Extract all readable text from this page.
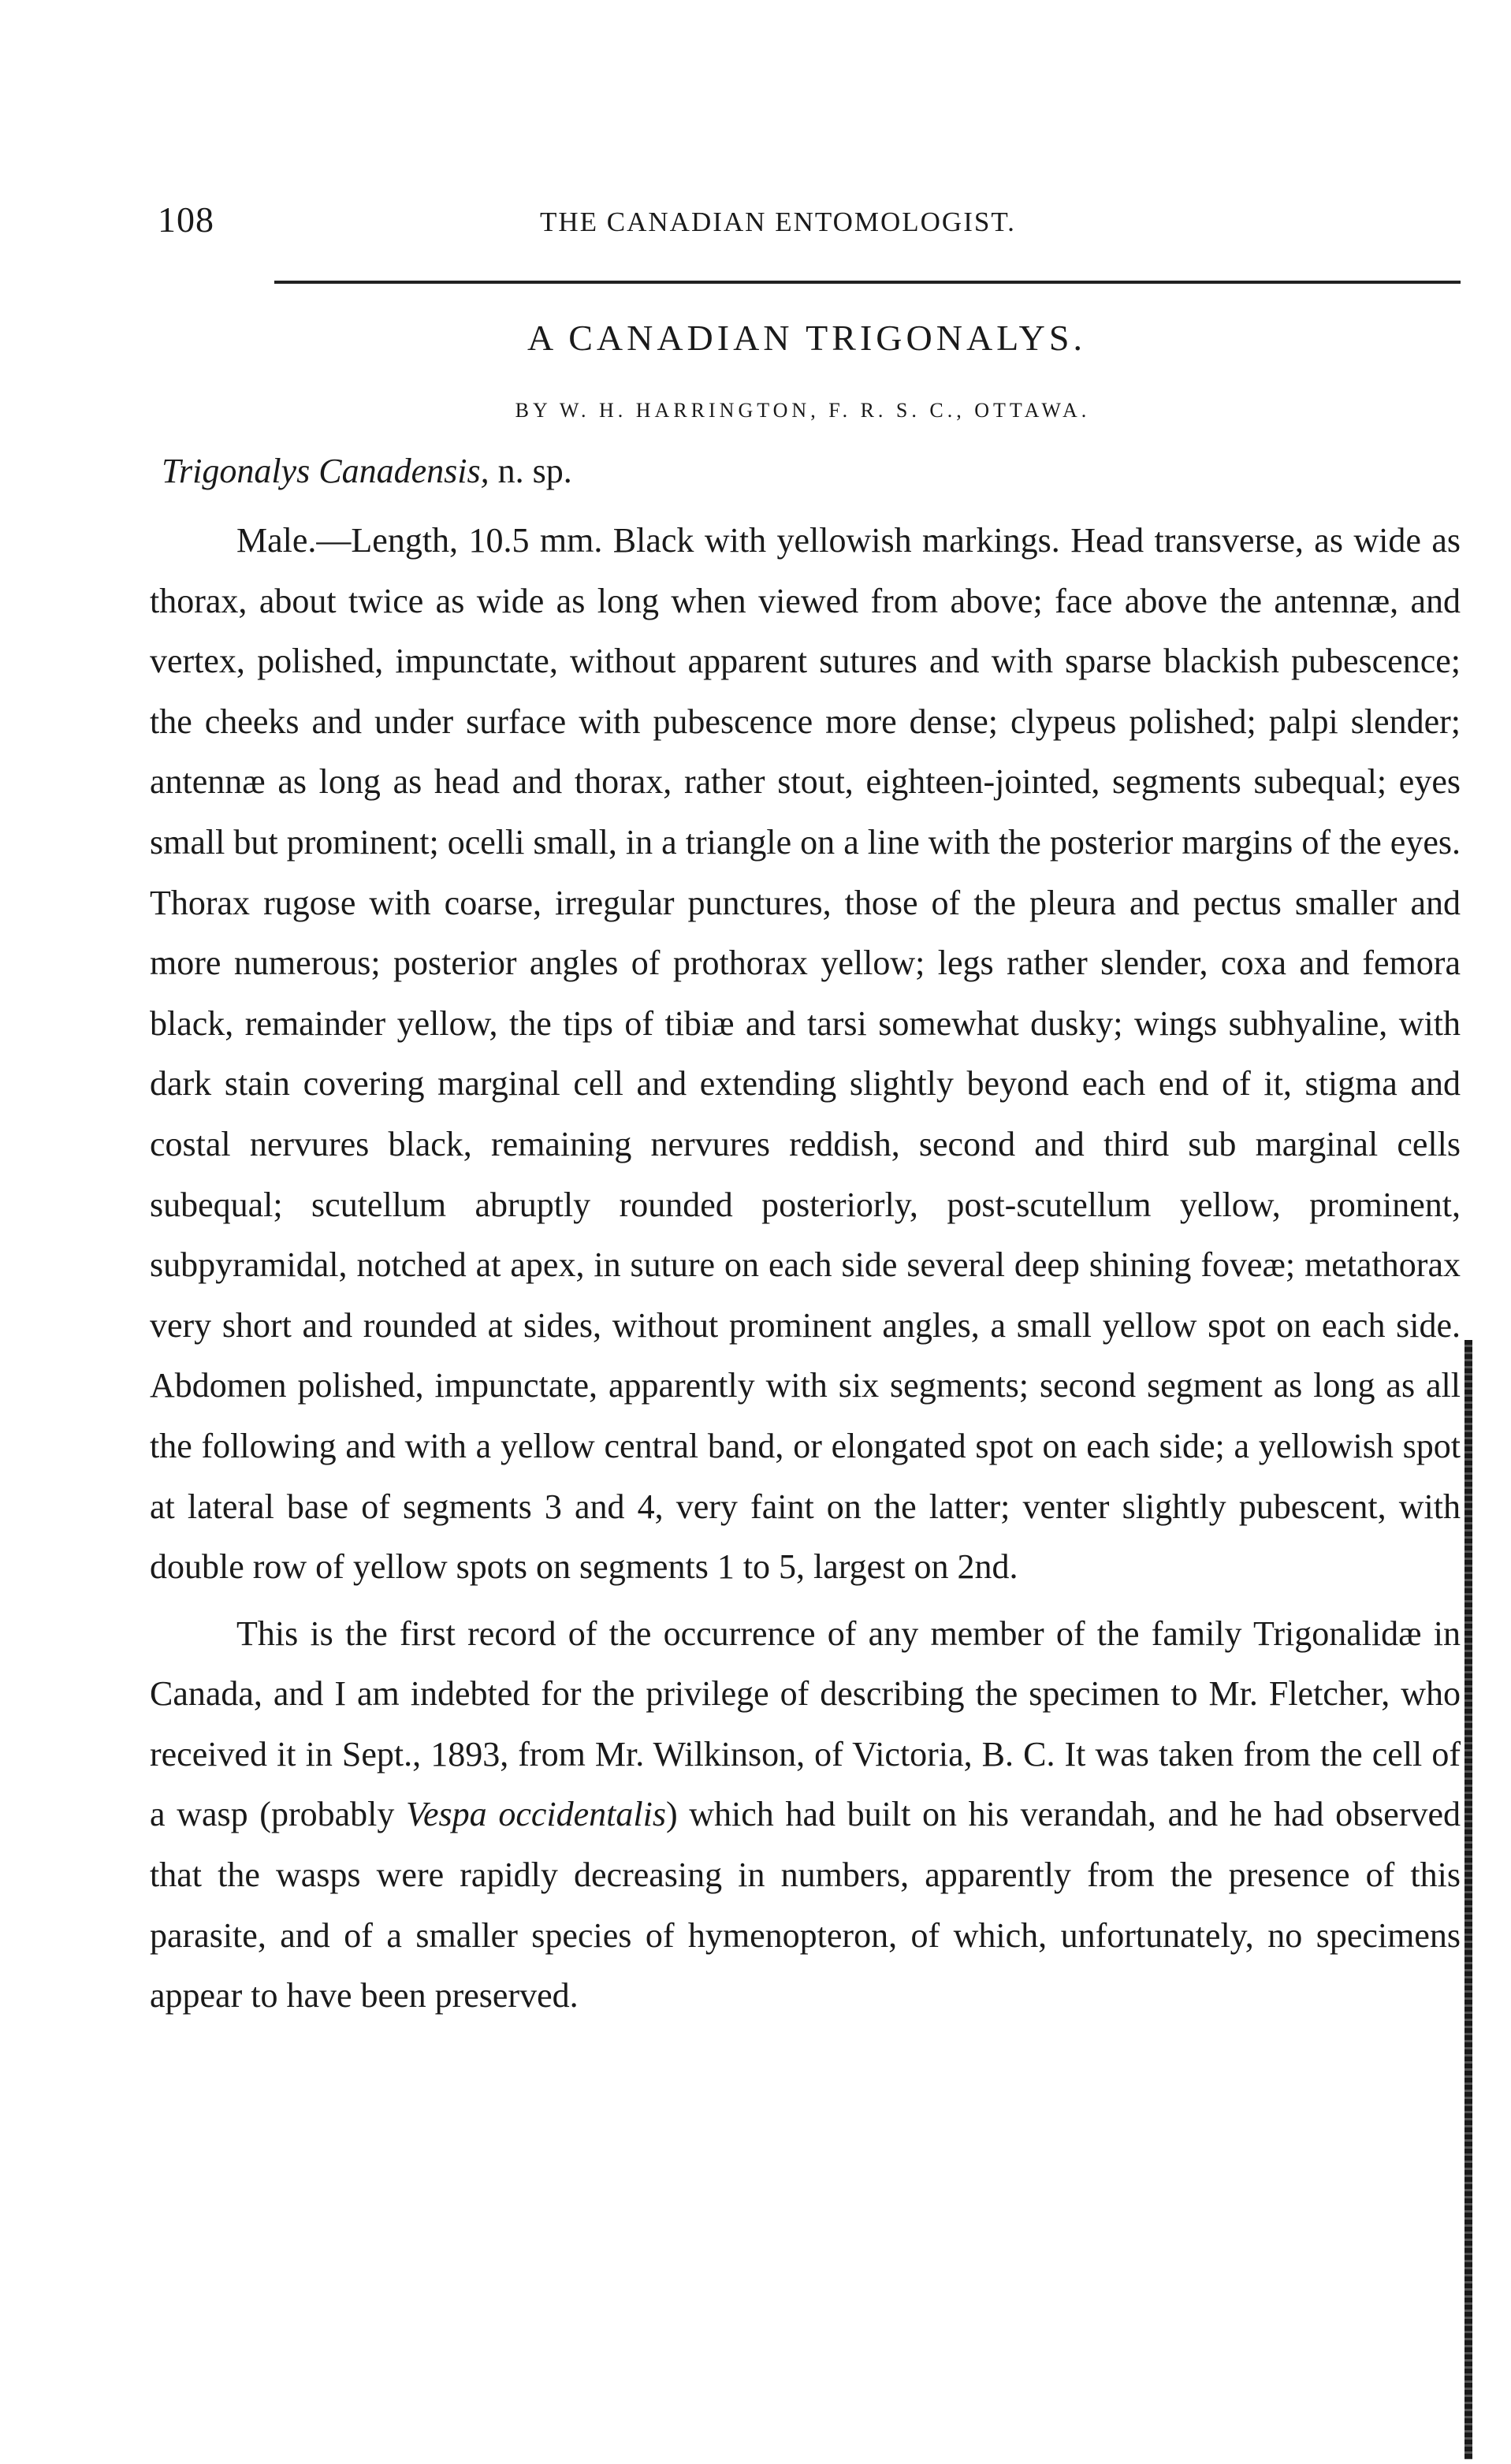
108	THE CANADIAN ENTOMOLOGIST.
A CANADIAN TRIGONALYS.
BY W. H. HARRINGTON, F. R. S. C., OTTAWA.
Trigonalys Canadensis, n. sp.

Male.—Length, 10.5 mm. Black with yellowish markings. Head transverse, as wide as thorax, about twice as wide as long when viewed from above; face above the antennæ, and vertex, polished, impunctate, without apparent sutures and with sparse blackish pubescence; the cheeks and under surface with pubescence more dense; clypeus polished; palpi slender; antennæ as long as head and thorax, rather stout, eighteen-jointed, segments subequal; eyes small but prominent; ocelli small, in a triangle on a line with the posterior margins of the eyes. Thorax rugose with coarse, irregular punctures, those of the pleura and pectus smaller and more numerous; posterior angles of prothorax yellow; legs rather slender, coxa and femora black, remainder yellow, the tips of tibiæ and tarsi somewhat dusky; wings subhyaline, with dark stain covering marginal cell and extending slightly beyond each end of it, stigma and costal nervures black, remaining nervures reddish, second and third sub marginal cells subequal; scutellum abruptly rounded posteriorly, post-scutellum yellow, prominent, subpyramidal, notched at apex, in suture on each side several deep shining foveæ; metathorax very short and rounded at sides, without prominent angles, a small yellow spot on each side. Abdomen polished, impunctate, apparently with six segments; second segment as long as all the following and with a yellow central band, or elongated spot on each side; a yellowish spot at lateral base of segments 3 and 4, very faint on the latter; venter slightly pubescent, with double row of yellow spots on segments 1 to 5, largest on 2nd.

This is the first record of the occurrence of any member of the family Trigonalidæ in Canada, and I am indebted for the privilege of describing the specimen to Mr. Fletcher, who received it in Sept., 1893, from Mr. Wilkinson, of Victoria, B. C. It was taken from the cell of a wasp (probably Vespa occidentalis) which had built on his verandah, and he had observed that the wasps were rapidly decreasing in numbers, apparently from the presence of this parasite, and of a smaller species of hymenopteron, of which, unfortunately, no specimens appear to have been preserved.
